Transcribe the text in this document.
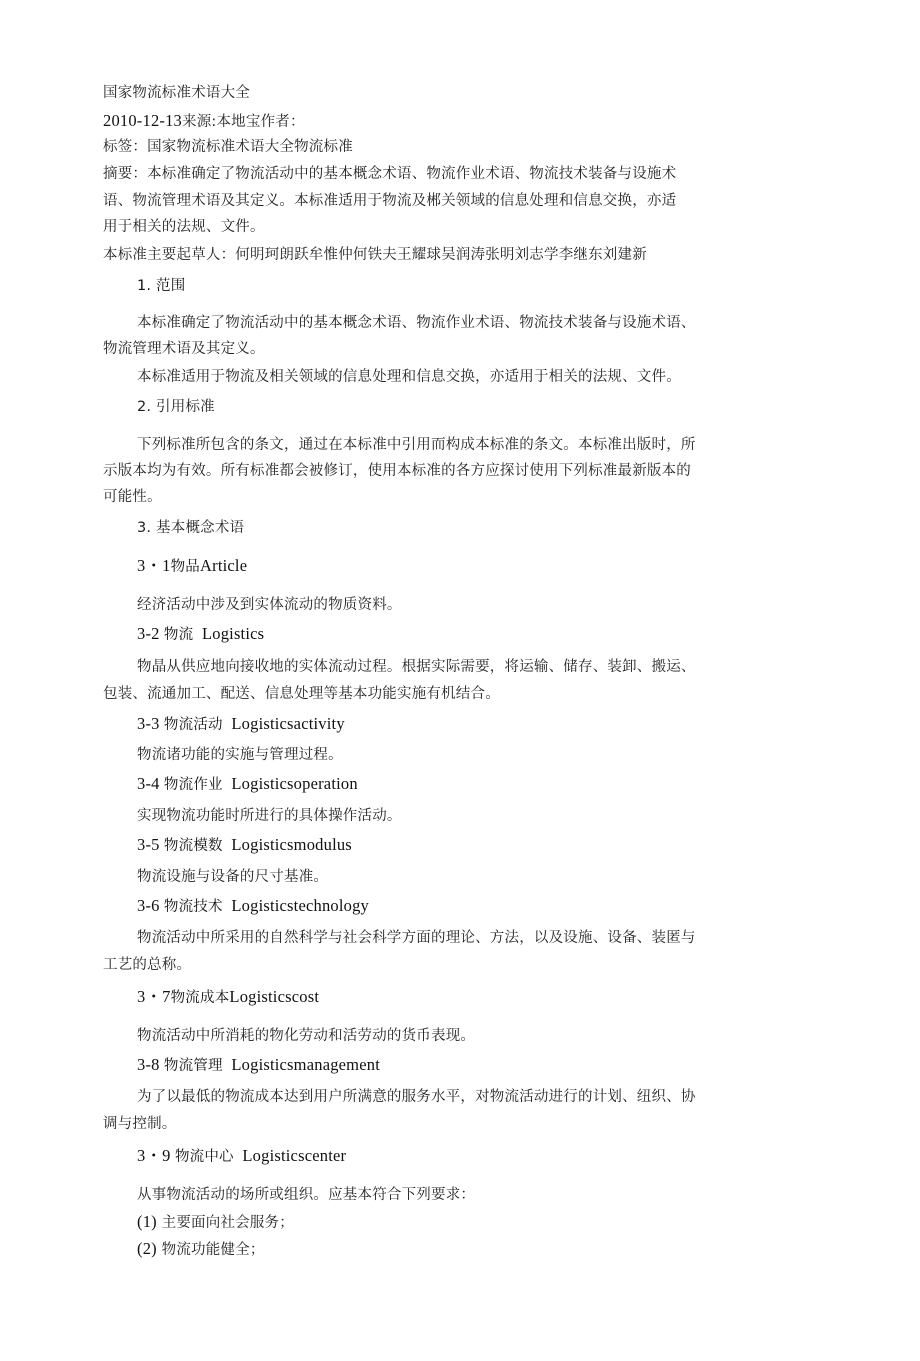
国家物流标准术语大全
2010-12-13来源:本地宝作者：
标签：国家物流标准术语大全物流标准
摘要：本标准确定了物流活动中的基本概念术语、物流作业术语、物流技术装备与设施术
语、物流管理术语及其定义。本标准适用于物流及郴关领域的信息处理和信息交换，亦适
用于相关的法规、文件。
本标准主要起草人：何明珂朗跃牟惟仲何铁夫王耀球吴润涛张明刘志学李继东刘建新
1. 范围
本标准确定了物流活动中的基本概念术语、物流作业术语、物流技术装备与设施术语、
物流管理术语及其定义。
本标准适用于物流及相关领域的信息处理和信息交换，亦适用于相关的法规、文件。
2. 引用标准
下列标准所包含的条文，通过在本标准中引用而构成本标准的条文。本标准出版时，所
示版本均为有效。所有标准都会被修订，使用本标准的各方应探讨使用下列标准最新版本的
可能性。
3. 基本概念术语
3・1物品Article
经济活动中涉及到实体流动的物质资料。
3-2 物流  Logistics
物晶从供应地向接收地的实体流动过程。根据实际需要，将运输、储存、装卸、搬运、
包装、流通加工、配送、信息处理等基本功能实施有机结合。
3-3 物流活动  Logisticsactivity
物流诸功能的实施与管理过程。
3-4 物流作业  Logisticsoperation
实现物流功能时所进行的具体操作活动。
3-5 物流模数  Logisticsmodulus
物流设施与设备的尺寸基准。
3-6 物流技术  Logisticstechnology
物流活动中所采用的自然科学与社会科学方面的理论、方法，以及设施、设备、装匿与
工艺的总称。
3・7物流成本Logisticscost
物流活动中所消耗的物化劳动和活劳动的货币表现。
3-8 物流管理  Logisticsmanagement
为了以最低的物流成本达到用户所满意的服务水平，对物流活动进行的计划、纽织、协
调与控制。
3・9 物流中心  Logisticscenter
从事物流活动的场所或组织。应基本符合下列要求：
(1) 主要面向社会服务；
(2) 物流功能健全；
